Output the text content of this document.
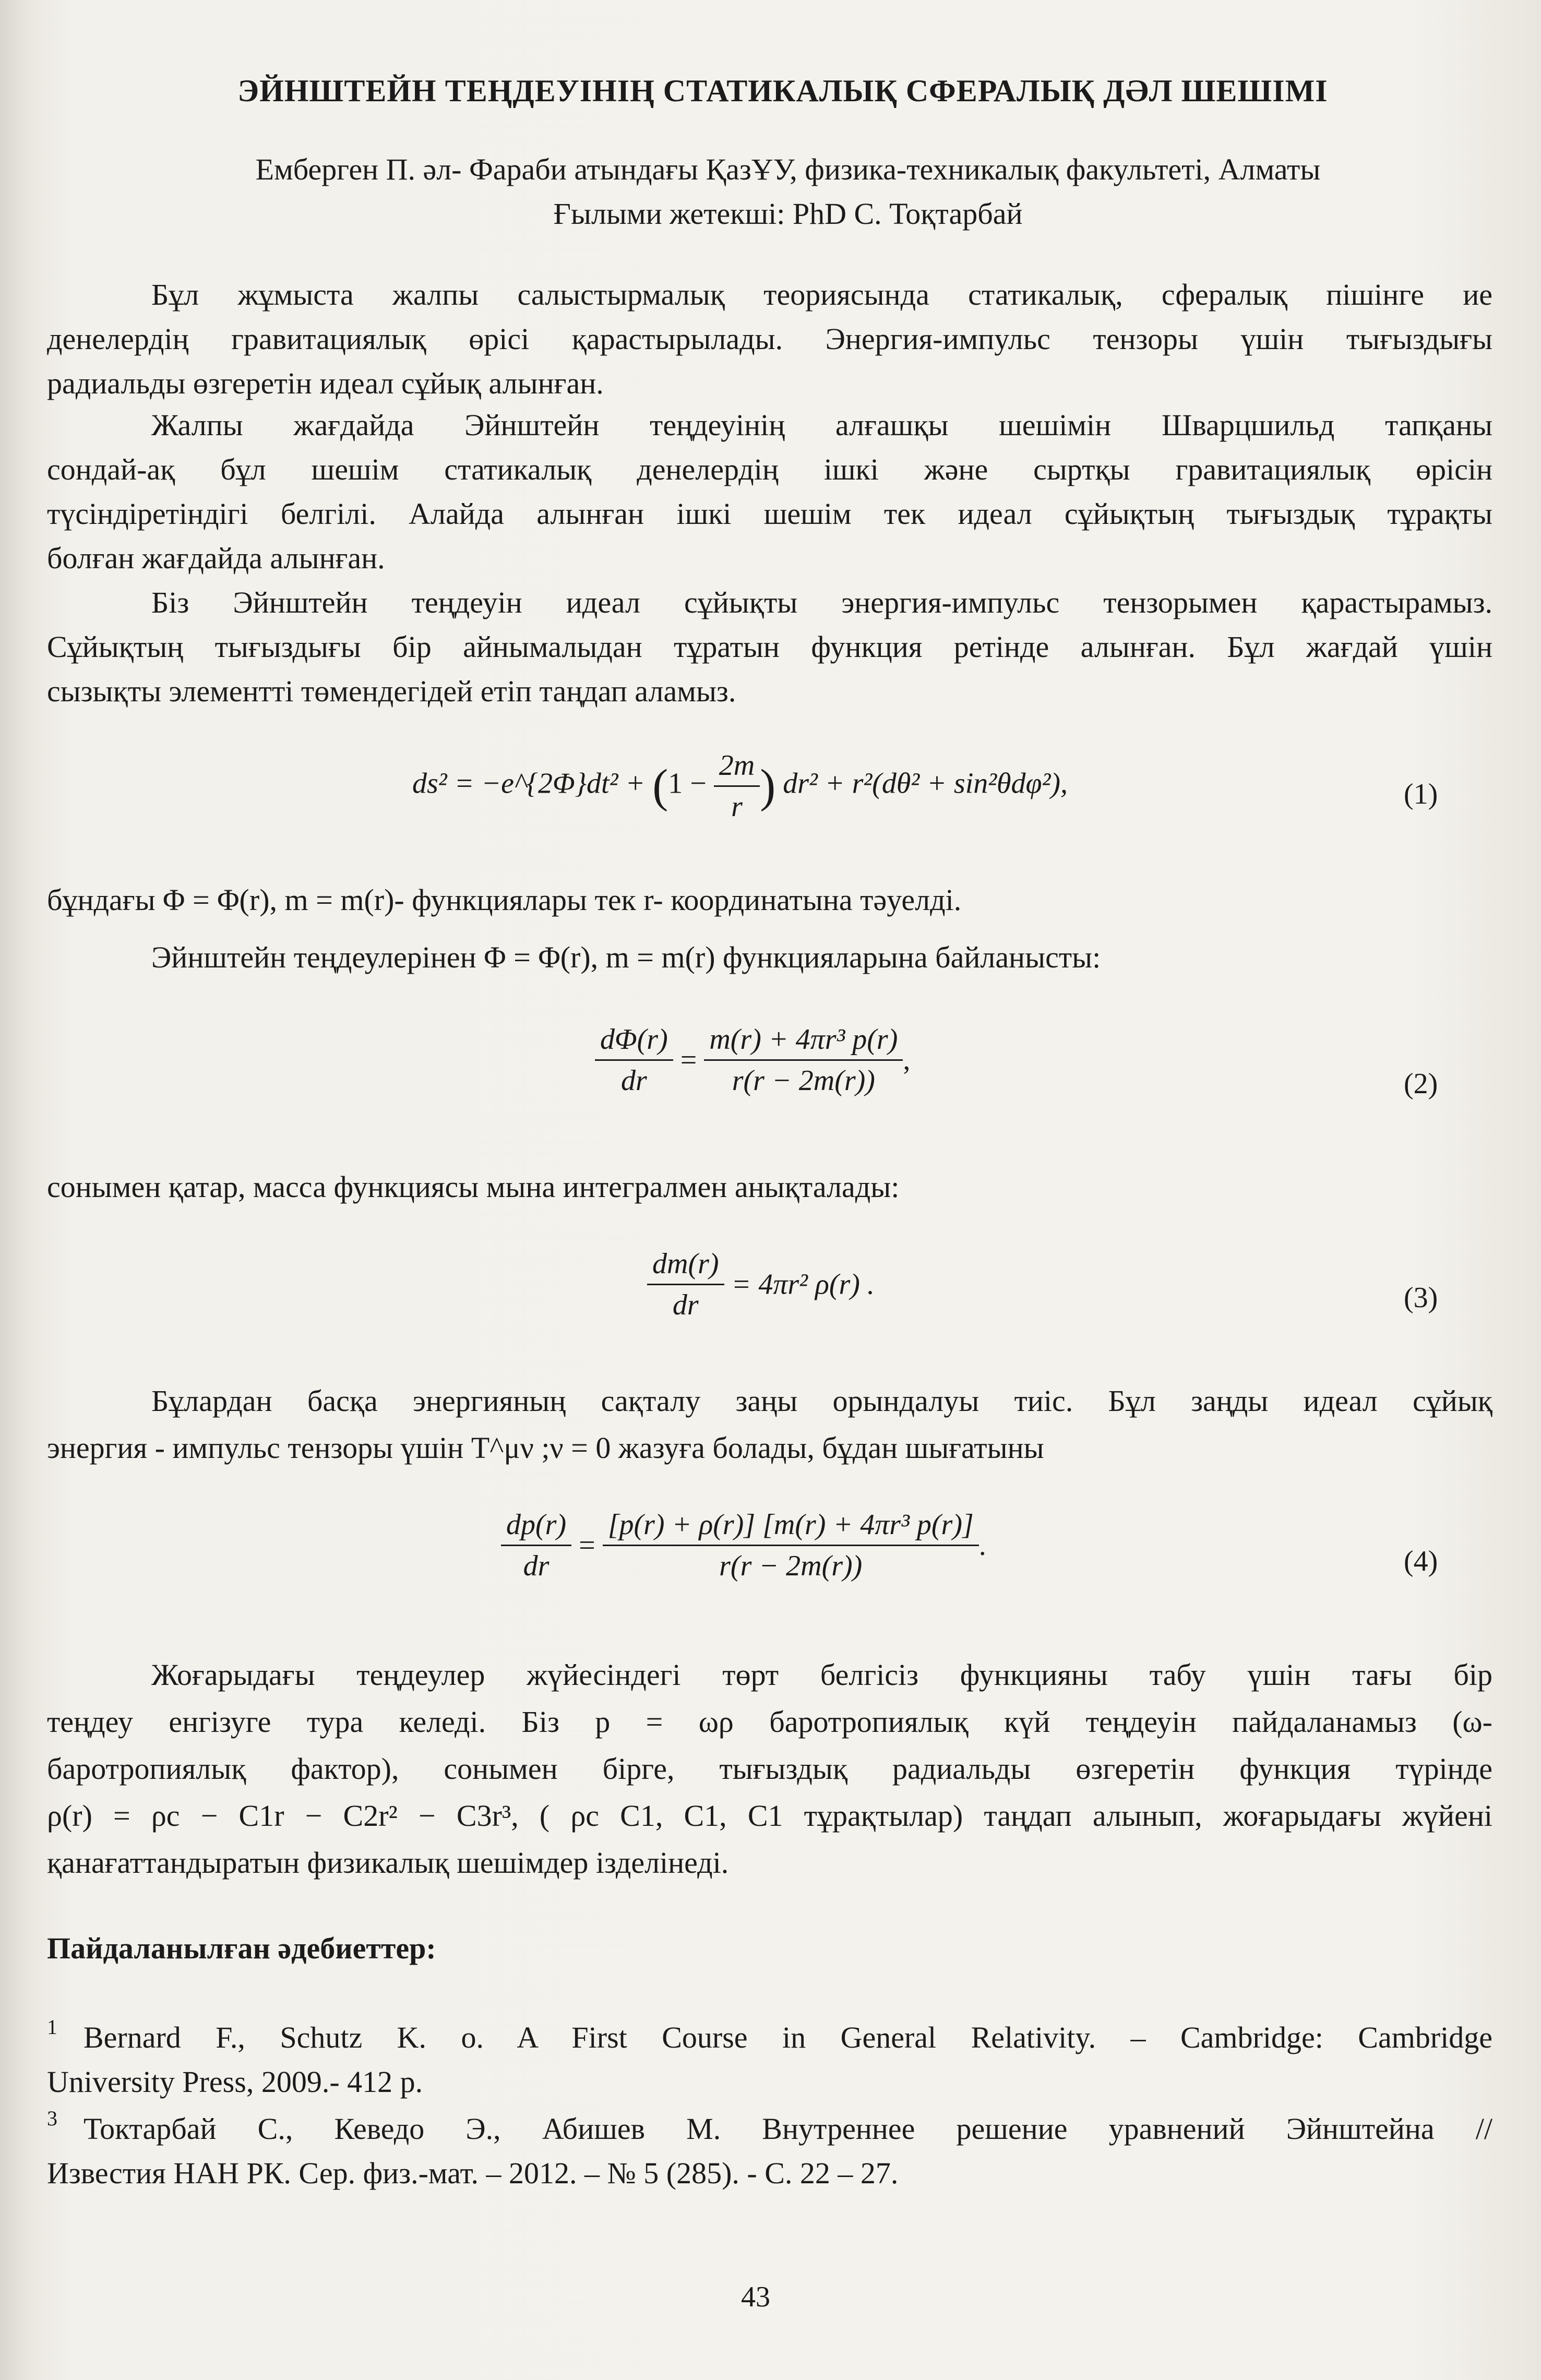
ЭЙНШТЕЙН ТЕҢДЕУІНІҢ СТАТИКАЛЫҚ СФЕРАЛЫҚ ДӘЛ ШЕШІМІ
Емберген П. әл- Фараби атындағы ҚазҰУ, физика-техникалық факультеті, Алматы
Ғылыми жетекші: PhD С. Тоқтарбай
Бұл жұмыста жалпы салыстырмалық теориясында статикалық, сфералық пішінге ие
денелердің гравитациялық өрісі қарастырылады. Энергия-импульс тензоры үшін тығыздығы
радиальды өзгеретін идеал сұйық алынған.
Жалпы жағдайда Эйнштейн теңдеуінің алғашқы шешімін Шварцшильд тапқаны
сондай-ақ бұл шешім статикалық денелердің ішкі және сыртқы гравитациялық өрісін
түсіндіретіндігі белгілі. Алайда алынған ішкі шешім тек идеал сұйықтың тығыздық тұрақты
болған жағдайда алынған.
Біз Эйнштейн теңдеуін идеал сұйықты энергия-импульс тензорымен қарастырамыз.
Сұйықтың тығыздығы бір айнымалыдан тұратын функция ретінде алынған. Бұл жағдай үшін
сызықты элементті төмендегідей етіп таңдап аламыз.
ds² = −e^{2Φ}dt² + ($1 - \frac{2m}{r}$ ) dr² + r²(dθ² + sin²θdφ²),	(1)
бұндағы Φ = Φ(r), m = m(r)- функциялары тек r- координатына тәуелді.
Эйнштейн теңдеулерінен Φ = Φ(r), m = m(r) функцияларына байланысты:
$\frac{d\Phi(r)}{dr} = \frac{\text{m(r) + 4πr³ p(r)}}{r(r - 2m(r))}$ ,
(2)
сонымен қатар, масса функциясы мына интегралмен анықталады:
$\frac{dm(r)}{dr} = 4\pi r^2$ ρ(r) .	(3)
Бұлардан басқа энергияның сақталу заңы орындалуы тиіс. Бұл заңды идеал сұйық
энергия - импульс тензоры үшін T^μν ;ν = 0 жазуға болады, бұдан шығатыны
$\frac{dp(r)}{dr} = \frac{\text{[p(r) + ρ(r)] [m(r) + 4πr³ p(r)]}}{r(r - 2m(r))}$ .	(4)
Жоғарыдағы теңдеулер жүйесіндегі төрт белгісіз функцияны табу үшін тағы бір
теңдеу енгізуге тура келеді. Біз p = ωρ баротропиялық күй теңдеуін пайдаланамыз (ω-
баротропиялық фактор), сонымен бірге, тығыздық радиальды өзгеретін функция түрінде
ρ(r) = ρc − C1r − C2r² − C3r³, ( ρc C1, C1, C1 тұрақтылар) таңдап алынып, жоғарыдағы жүйені
қанағаттандыратын физикалық шешімдер ізделінеді.
Пайдаланылған әдебиеттер:
1 Bernard F., Schutz K. o. A First Course in General Relativity. – Cambridge: Cambridge
University Press, 2009.- 412 p.
3 Токтарбай С., Кеведо Э., Абишев М. Внутреннее решение уравнений Эйнштейна //
Известия НАН РК. Сер. физ.-мат. – 2012. – № 5 (285). - С. 22 – 27.
43
